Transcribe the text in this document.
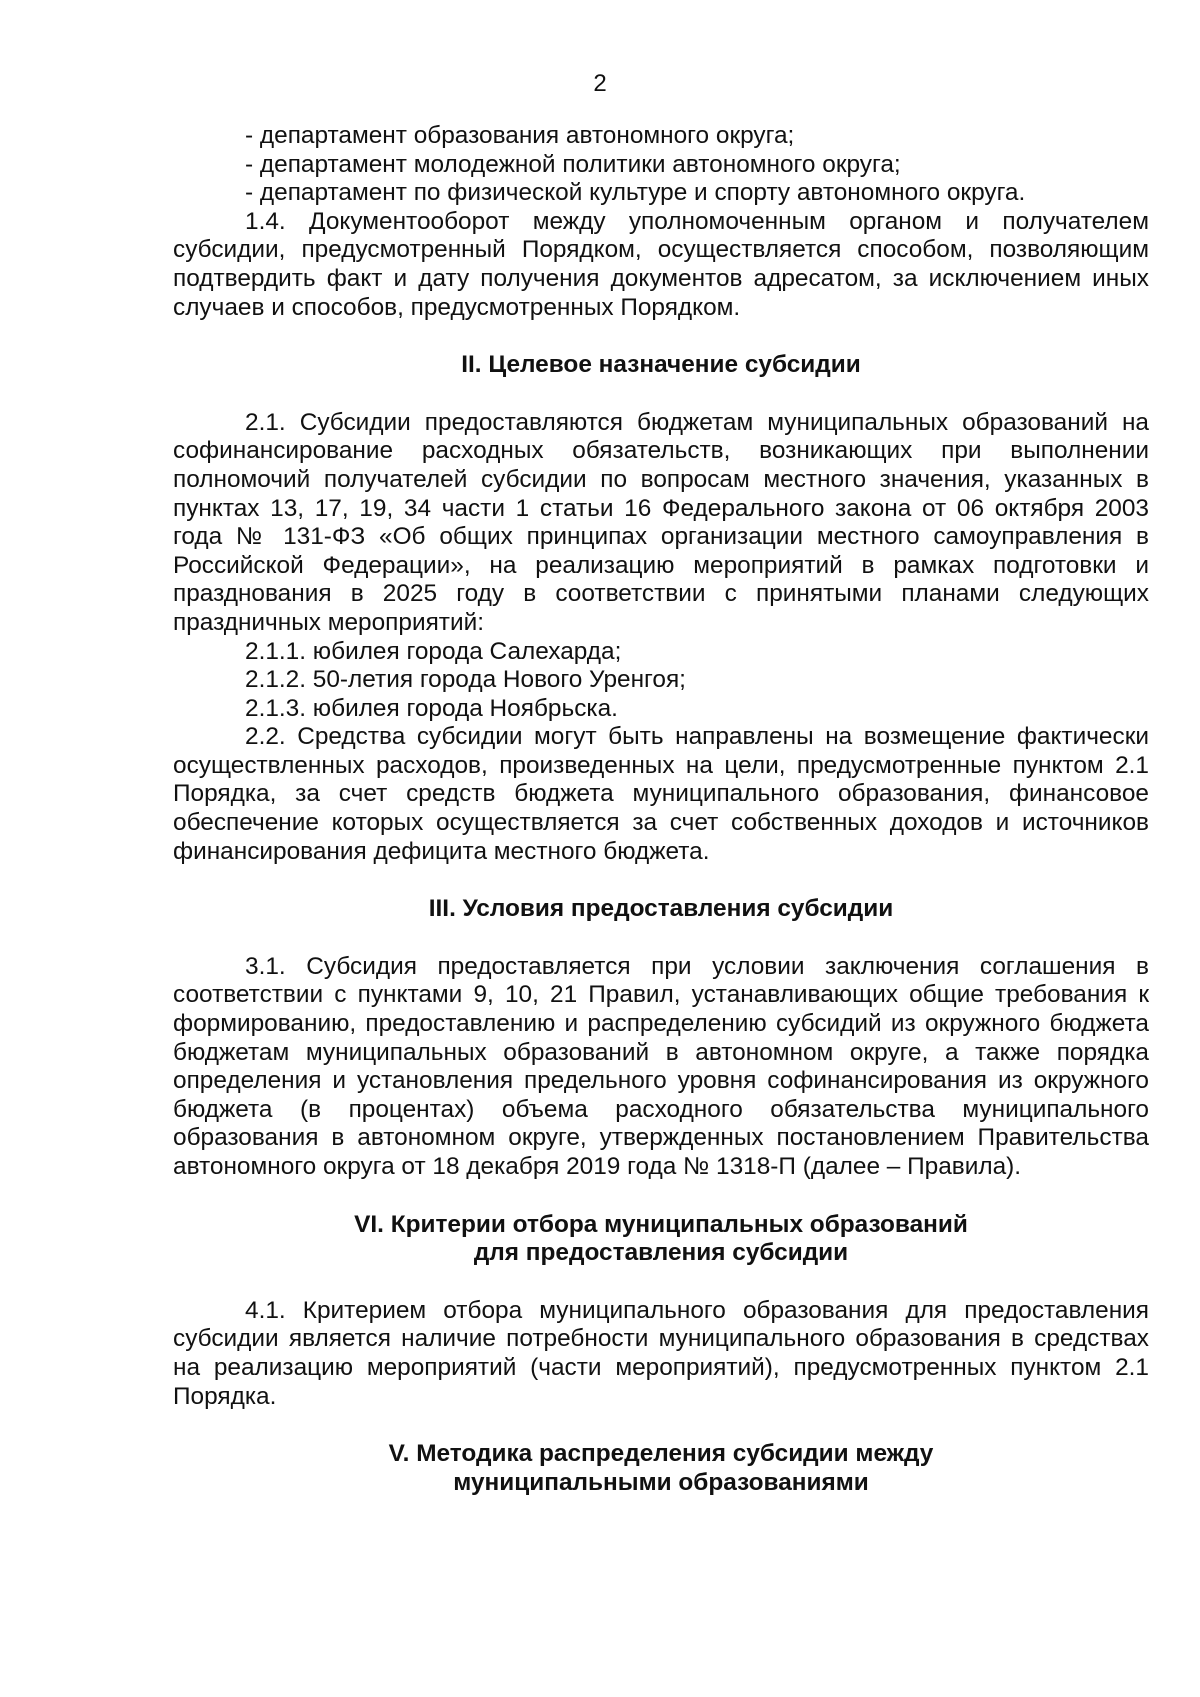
2

- департамент образования автономного округа;

- департамент молодежной политики автономного округа;

- департамент по физической культуре и спорту автономного округа.

1.4. Документооборот между уполномоченным органом и получателем субсидии, предусмотренный Порядком, осуществляется способом, позволяющим подтвердить факт и дату получения документов адресатом, за исключением иных случаев и способов, предусмотренных Порядком.

II. Целевое назначение субсидии

2.1. Субсидии предоставляются бюджетам муниципальных образований на софинансирование расходных обязательств, возникающих при выполнении полномочий получателей субсидии по вопросам местного значения, указанных в пунктах 13, 17, 19, 34 части 1 статьи 16 Федерального закона от 06 октября 2003 года № 131-ФЗ «Об общих принципах организации местного самоуправления в Российской Федерации», на реализацию мероприятий в рамках подготовки и празднования в 2025 году в соответствии с принятыми планами следующих праздничных мероприятий:

2.1.1. юбилея города Салехарда;

2.1.2. 50-летия города Нового Уренгоя;

2.1.3. юбилея города Ноябрьска.

2.2. Средства субсидии могут быть направлены на возмещение фактически осуществленных расходов, произведенных на цели, предусмотренные пунктом 2.1 Порядка, за счет средств бюджета муниципального образования, финансовое обеспечение которых осуществляется за счет собственных доходов и источников финансирования дефицита местного бюджета.

III. Условия предоставления субсидии

3.1. Субсидия предоставляется при условии заключения соглашения в соответствии с пунктами 9, 10, 21 Правил, устанавливающих общие требования к формированию, предоставлению и распределению субсидий из окружного бюджета бюджетам муниципальных образований в автономном округе, а также порядка определения и установления предельного уровня софинансирования из окружного бюджета (в процентах) объема расходного обязательства муниципального образования в автономном округе, утвержденных постановлением Правительства автономного округа от 18 декабря 2019 года № 1318-П (далее – Правила).

VI. Критерии отбора муниципальных образований
для предоставления субсидии

4.1. Критерием отбора муниципального образования для предоставления субсидии является наличие потребности муниципального образования в средствах на реализацию мероприятий (части мероприятий), предусмотренных пунктом 2.1 Порядка.

V. Методика распределения субсидии между
муниципальными образованиями
